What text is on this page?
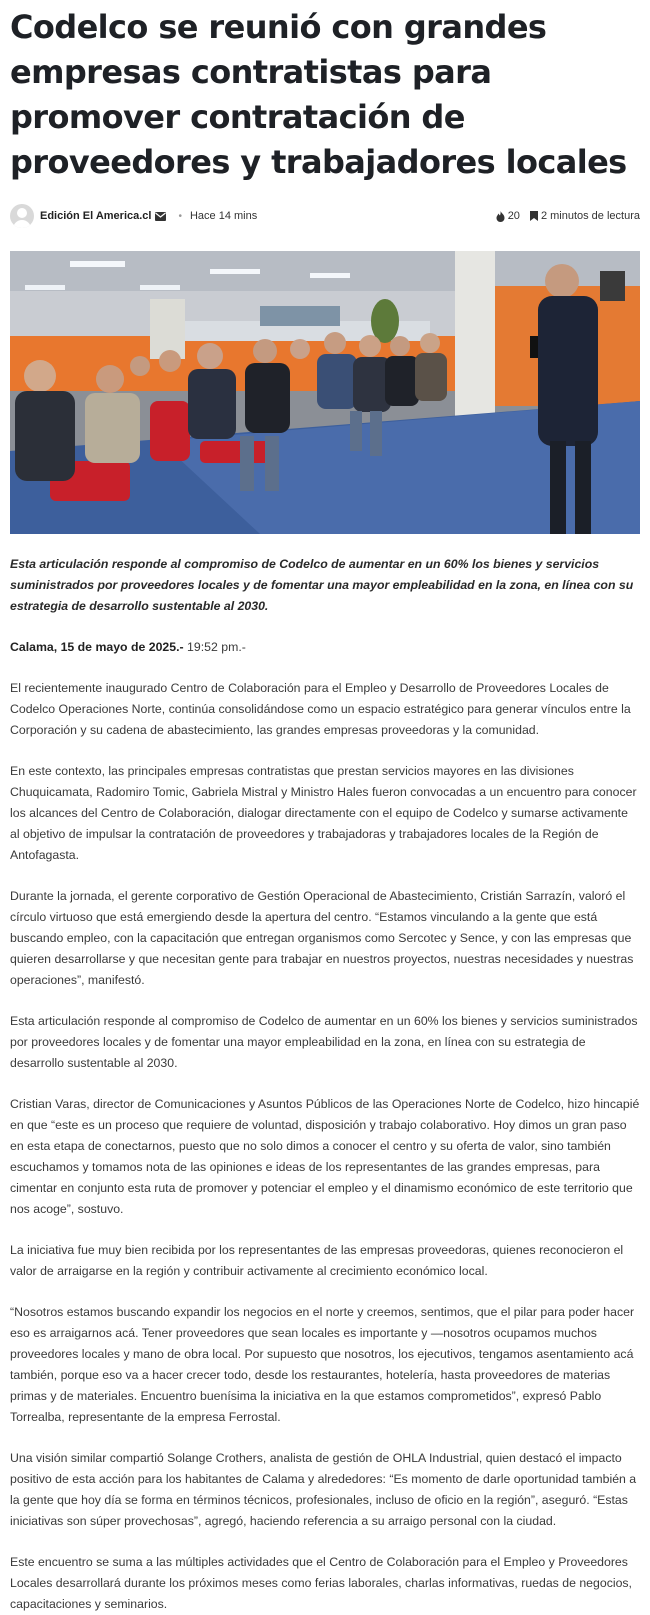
Codelco se reunió con grandes empresas contratistas para promover contratación de proveedores y trabajadores locales
Edición El America.cl	• Hace 14 mins	20 2 minutos de lectura

Esta articulación responde al compromiso de Codelco de aumentar en un 60% los bienes y servicios suministrados por proveedores locales y de fomentar una mayor empleabilidad en la zona, en línea con su estrategia de desarrollo sustentable al 2030.

Calama, 15 de mayo de 2025.- 19:52 pm.-

El recientemente inaugurado Centro de Colaboración para el Empleo y Desarrollo de Proveedores Locales de Codelco Operaciones Norte, continúa consolidándose como un espacio estratégico para generar vínculos entre la Corporación y su cadena de abastecimiento, las grandes empresas proveedoras y la comunidad.

En este contexto, las principales empresas contratistas que prestan servicios mayores en las divisiones Chuquicamata, Radomiro Tomic, Gabriela Mistral y Ministro Hales fueron convocadas a un encuentro para conocer los alcances del Centro de Colaboración, dialogar directamente con el equipo de Codelco y sumarse activamente al objetivo de impulsar la contratación de proveedores y trabajadoras y trabajadores locales de la Región de Antofagasta.

Durante la jornada, el gerente corporativo de Gestión Operacional de Abastecimiento, Cristián Sarrazín, valoró el círculo virtuoso que está emergiendo desde la apertura del centro. “Estamos vinculando a la gente que está buscando empleo, con la capacitación que entregan organismos como Sercotec y Sence, y con las empresas que quieren desarrollarse y que necesitan gente para trabajar en nuestros proyectos, nuestras necesidades y nuestras operaciones”, manifestó.

Esta articulación responde al compromiso de Codelco de aumentar en un 60% los bienes y servicios suministrados por proveedores locales y de fomentar una mayor empleabilidad en la zona, en línea con su estrategia de desarrollo sustentable al 2030.

Cristian Varas, director de Comunicaciones y Asuntos Públicos de las Operaciones Norte de Codelco, hizo hincapié en que “este es un proceso que requiere de voluntad, disposición y trabajo colaborativo. Hoy dimos un gran paso en esta etapa de conectarnos, puesto que no solo dimos a conocer el centro y su oferta de valor, sino también escuchamos y tomamos nota de las opiniones e ideas de los representantes de las grandes empresas, para cimentar en conjunto esta ruta de promover y potenciar el empleo y el dinamismo económico de este territorio que nos acoge”, sostuvo.

La iniciativa fue muy bien recibida por los representantes de las empresas proveedoras, quienes reconocieron el valor de arraigarse en la región y contribuir activamente al crecimiento económico local.

“Nosotros estamos buscando expandir los negocios en el norte y creemos, sentimos, que el pilar para poder hacer eso es arraigarnos acá. Tener proveedores que sean locales es importante y —nosotros ocupamos muchos proveedores locales y mano de obra local. Por supuesto que nosotros, los ejecutivos, tengamos asentamiento acá también, porque eso va a hacer crecer todo, desde los restaurantes, hotelería, hasta proveedores de materias primas y de materiales. Encuentro buenísima la iniciativa en la que estamos comprometidos”, expresó Pablo Torrealba, representante de la empresa Ferrostal.

Una visión similar compartió Solange Crothers, analista de gestión de OHLA Industrial, quien destacó el impacto positivo de esta acción para los habitantes de Calama y alrededores: “Es momento de darle oportunidad también a la gente que hoy día se forma en términos técnicos, profesionales, incluso de oficio en la región”, aseguró. “Estas iniciativas son súper provechosas”, agregó, haciendo referencia a su arraigo personal con la ciudad.

Este encuentro se suma a las múltiples actividades que el Centro de Colaboración para el Empleo y Proveedores Locales desarrollará durante los próximos meses como ferias laborales, charlas informativas, ruedas de negocios, capacitaciones y seminarios.
